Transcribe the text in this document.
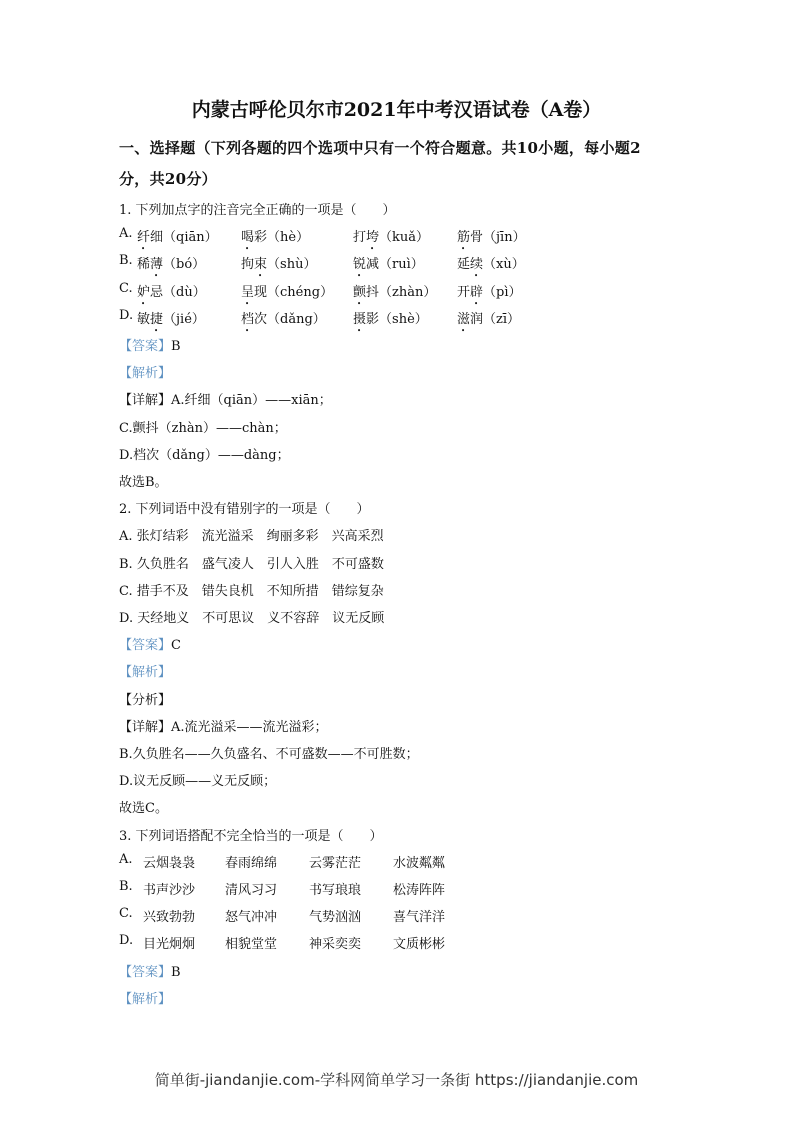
内蒙古呼伦贝尔市2021年中考汉语试卷（A卷）
一、选择题（下列各题的四个选项中只有一个符合题意。共10小题，每小题2
分，共20分）
1. 下列加点字的注音完全正确的一项是（　　）
A. 纤细（qiān） 喝彩（hè）	打垮（kuǎ） 筋骨（jīn）
B. 稀薄（bó）	拘束（shù）	锐减（ruì）	延续（xù）
C. 妒忌（dù）	呈现（chéng） 颤抖（zhàn） 开辟（pì）
D. 敏捷（jié）	档次（dǎng） 摄影（shè） 滋润（zī）
【答案】B
【解析】
【详解】A.纤细（qiān）——xiān；
C.颤抖（zhàn）——chàn；
D.档次（dǎng）——dàng；
故选B。
2. 下列词语中没有错别字的一项是（　　）
A. 张灯结彩　流光溢采　绚丽多彩　兴高采烈
B. 久负胜名　盛气凌人　引人入胜　不可盛数
C. 措手不及　错失良机　不知所措　错综复杂
D. 天经地义　不可思议　义不容辞　议无反顾
【答案】C
【解析】
【分析】
【详解】A.流光溢采——流光溢彩；
B.久负胜名——久负盛名、不可盛数——不可胜数；
D.议无反顾——义无反顾；
故选C。
3. 下列词语搭配不完全恰当的一项是（　　）
A. 云烟袅袅 春雨绵绵 云雾茫茫 水波粼粼
B. 书声沙沙 清风习习 书写琅琅 松涛阵阵
C. 兴致勃勃 怒气冲冲 气势汹汹 喜气洋洋
D. 目光炯炯 相貌堂堂 神采奕奕 文质彬彬
【答案】B
【解析】
简单街-jiandanjie.com-学科网简单学习一条街 https://jiandanjie.com
